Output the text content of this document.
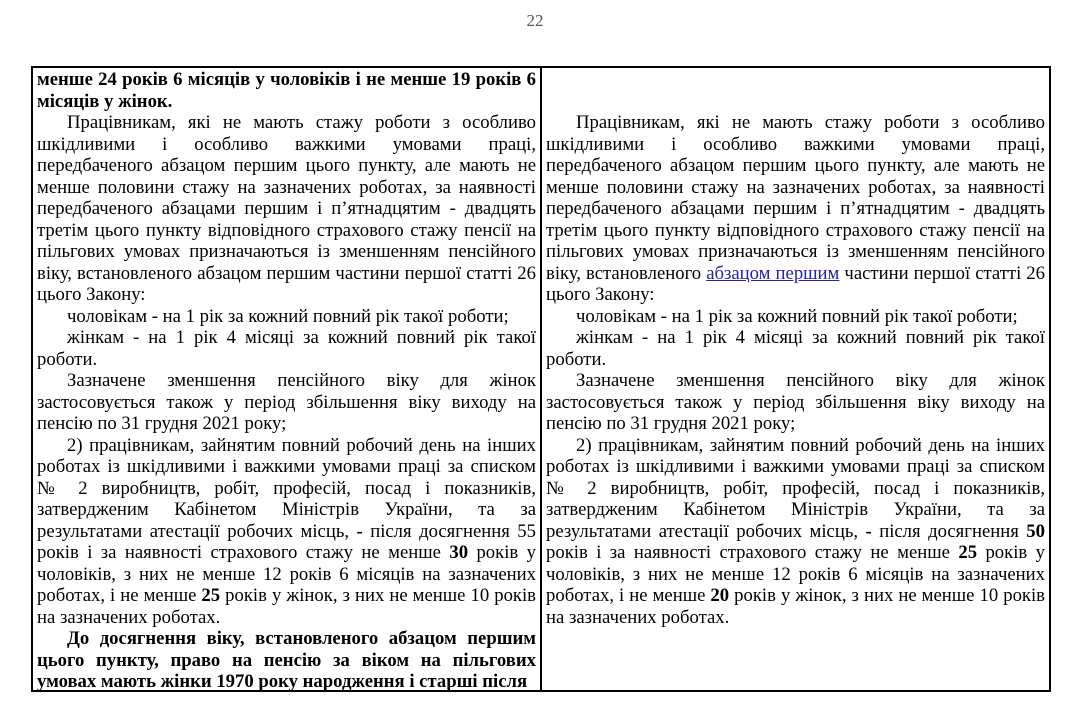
22

менше 24 років 6 місяців у чоловіків і не менше 19 років 6 місяців у жінок.

Працівникам, які не мають стажу роботи з особливо шкідливими і особливо важкими умовами праці, передбаченого абзацом першим цього пункту, але мають не менше половини стажу на зазначених роботах, за наявності передбаченого абзацами першим і п’ятнадцятим - двадцять третім цього пункту відповідного страхового стажу пенсії на пільгових умовах призначаються із зменшенням пенсійного віку, встановленого абзацом першим частини першої статті 26 цього Закону:

чоловікам - на 1 рік за кожний повний рік такої роботи;

жінкам - на 1 рік 4 місяці за кожний повний рік такої роботи.

Зазначене зменшення пенсійного віку для жінок застосовується також у період збільшення віку виходу на пенсію по 31 грудня 2021 року;

2) працівникам, зайнятим повний робочий день на інших роботах із шкідливими і важкими умовами праці за списком № 2 виробництв, робіт, професій, посад і показників, затвердженим Кабінетом Міністрів України, та за результатами атестації робочих місць, - після досягнення 55 років і за наявності страхового стажу не менше 30 років у чоловіків, з них не менше 12 років 6 місяців на зазначених роботах, і не менше 25 років у жінок, з них не менше 10 років на зазначених роботах.

До досягнення віку, встановленого абзацом першим цього пункту, право на пенсію за віком на пільгових умовах мають жінки 1970 року народження і старші після

Працівникам, які не мають стажу роботи з особливо шкідливими і особливо важкими умовами праці, передбаченого абзацом першим цього пункту, але мають не менше половини стажу на зазначених роботах, за наявності передбаченого абзацами першим і п’ятнадцятим - двадцять третім цього пункту відповідного страхового стажу пенсії на пільгових умовах призначаються із зменшенням пенсійного віку, встановленого абзацом першим частини першої статті 26 цього Закону:

чоловікам - на 1 рік за кожний повний рік такої роботи;

жінкам - на 1 рік 4 місяці за кожний повний рік такої роботи.

Зазначене зменшення пенсійного віку для жінок застосовується також у період збільшення віку виходу на пенсію по 31 грудня 2021 року;

2) працівникам, зайнятим повний робочий день на інших роботах із шкідливими і важкими умовами праці за списком № 2 виробництв, робіт, професій, посад і показників, затвердженим Кабінетом Міністрів України, та за результатами атестації робочих місць, - після досягнення 50 років і за наявності страхового стажу не менше 25 років у чоловіків, з них не менше 12 років 6 місяців на зазначених роботах, і не менше 20 років у жінок, з них не менше 10 років на зазначених роботах.
